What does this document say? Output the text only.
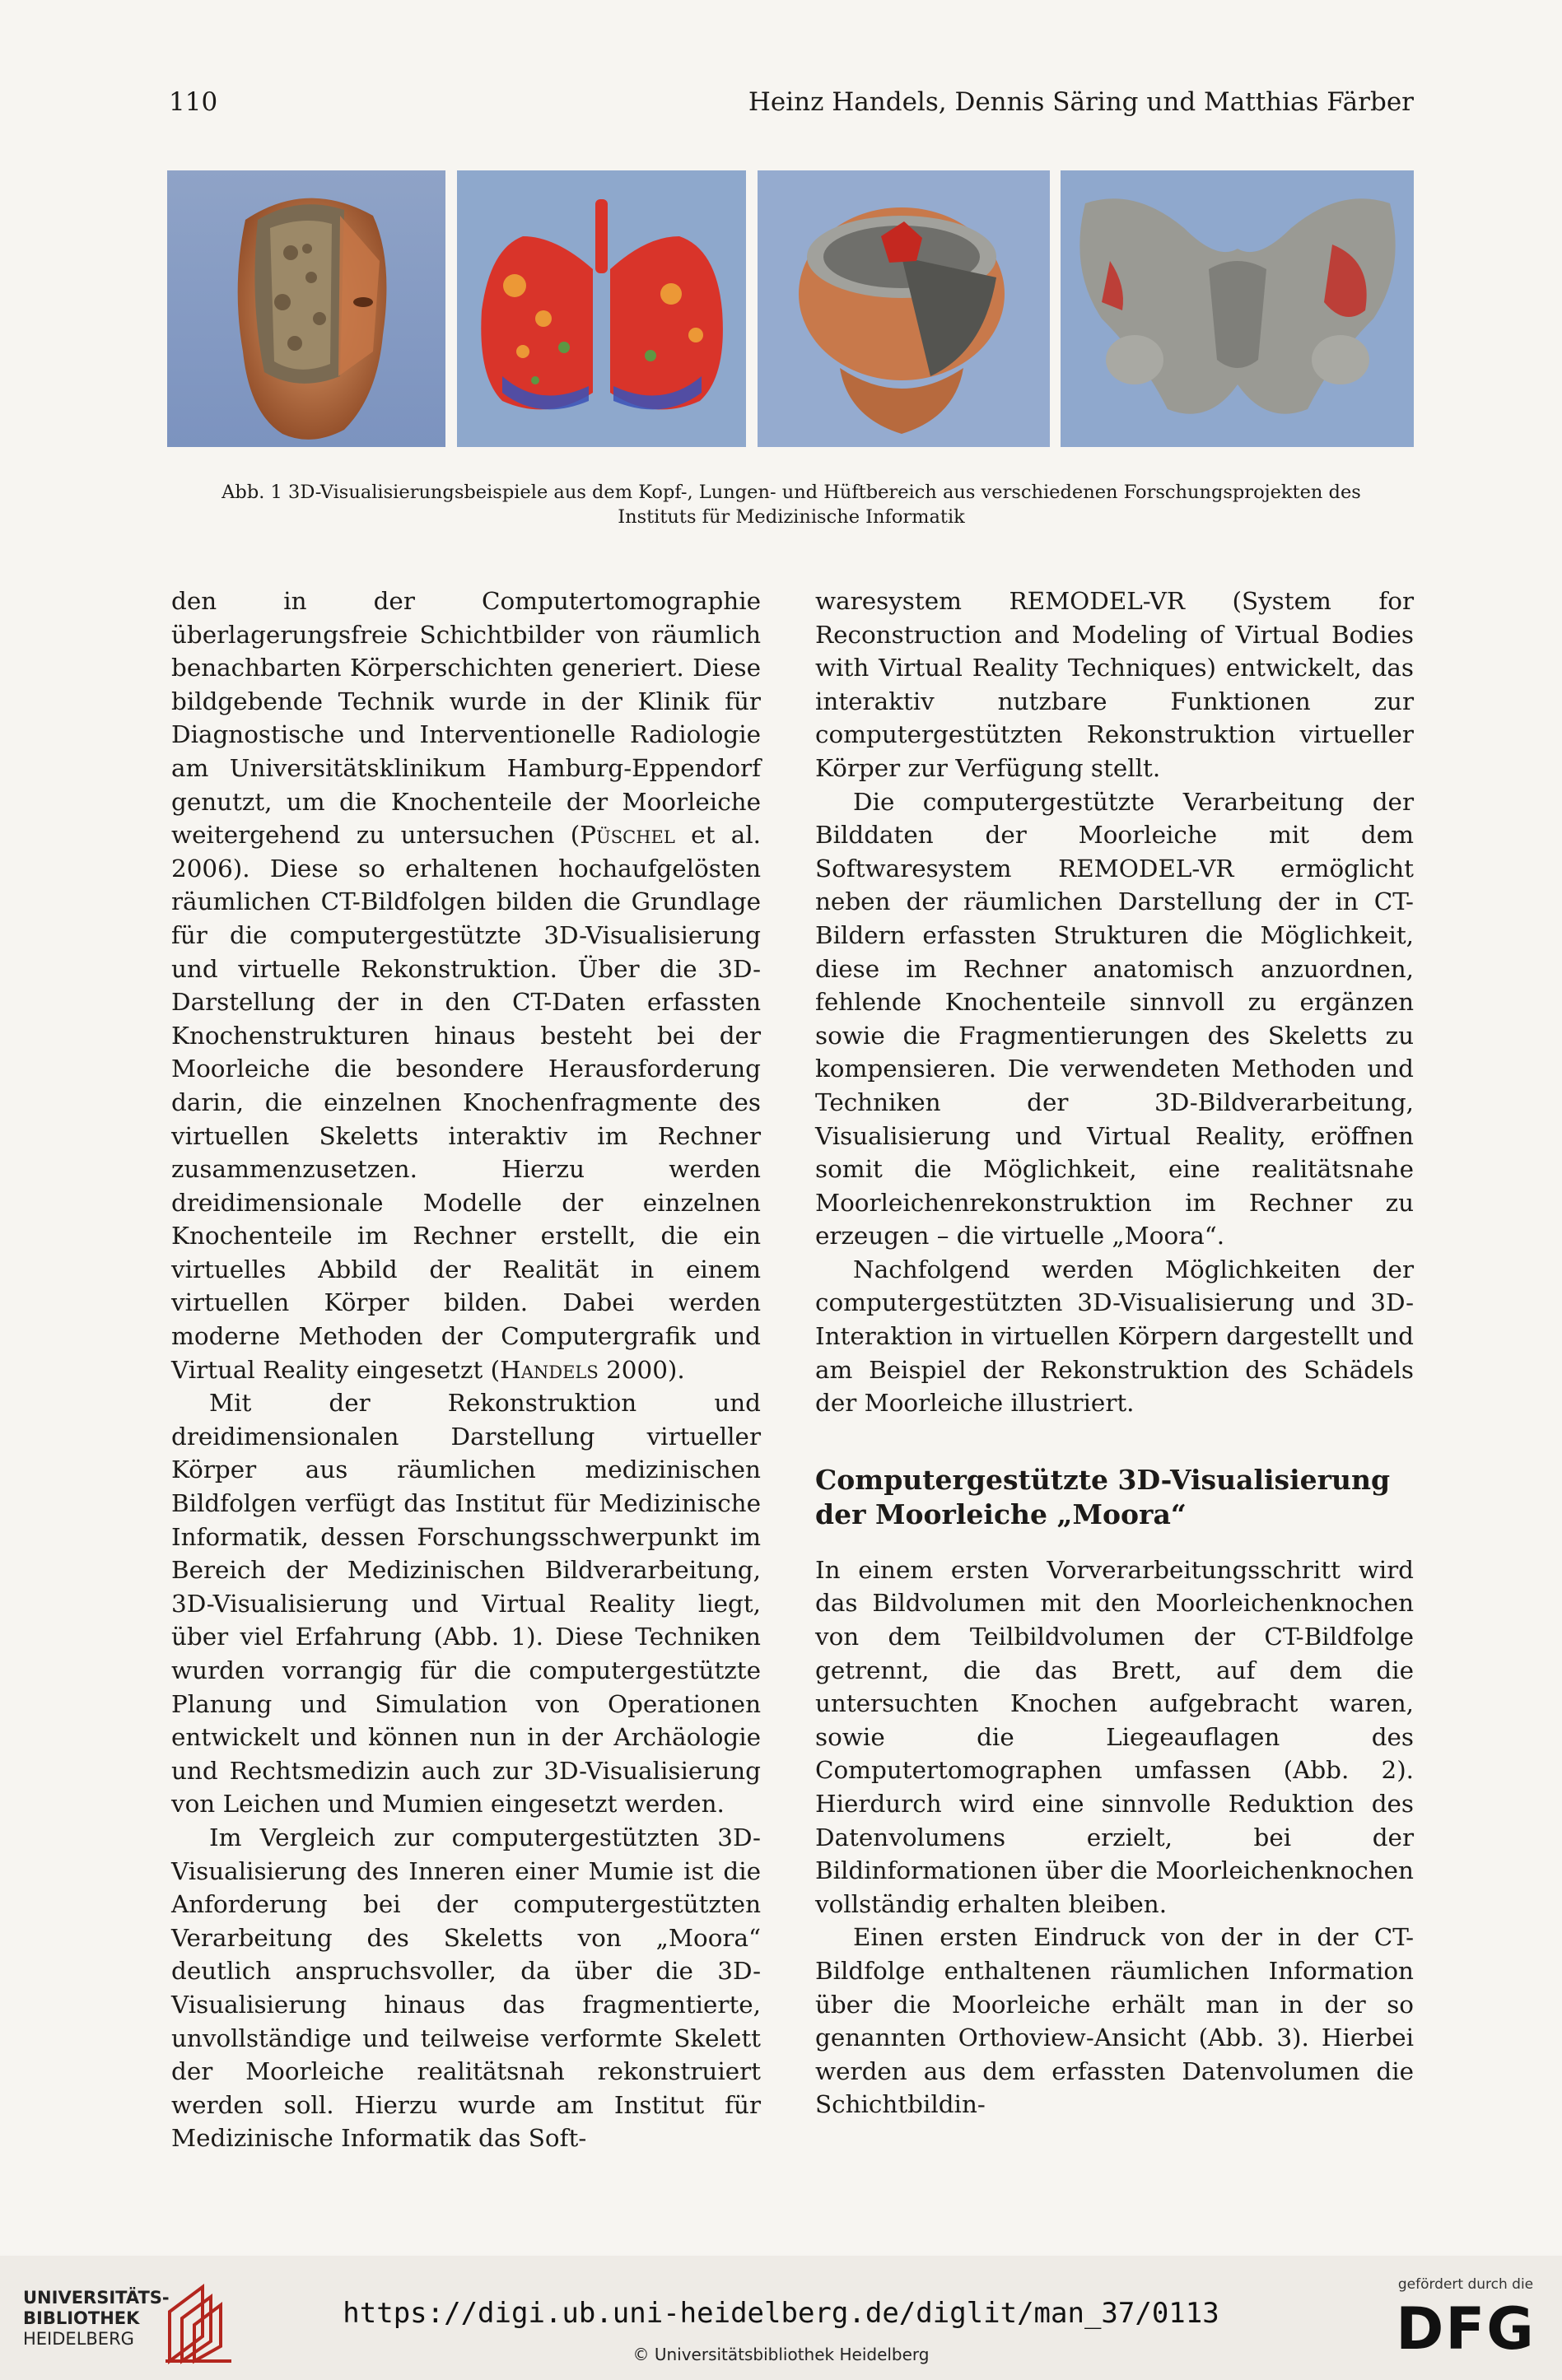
110	Heinz Handels, Dennis Säring und Matthias Färber

Abb. 1 3D-Visualisierungsbeispiele aus dem Kopf-, Lungen- und Hüftbereich aus verschiedenen Forschungsprojekten des

Instituts für Medizinische Informatik

den in der Computertomographie überlagerungsfreie Schichtbilder von räumlich benachbarten Körperschichten generiert. Diese bildgebende Technik wurde in der Klinik für Diagnostische und Interventionelle Radiologie am Universitätsklinikum Hamburg-Eppendorf genutzt, um die Knochenteile der Moorleiche weitergehend zu untersuchen (Püschel et al. 2006). Diese so erhaltenen hochaufgelösten räumlichen CT-Bildfolgen bilden die Grundlage für die computergestützte 3D-Visualisierung und virtuelle Rekonstruktion. Über die 3D-Darstellung der in den CT-Daten erfassten Knochenstrukturen hinaus besteht bei der Moorleiche die besondere Herausforderung darin, die einzelnen Knochenfragmente des virtuellen Skeletts interaktiv im Rechner zusammenzusetzen. Hierzu werden dreidimensionale Modelle der einzelnen Knochenteile im Rechner erstellt, die ein virtuelles Abbild der Realität in einem virtuellen Körper bilden. Dabei werden moderne Methoden der Computergrafik und Virtual Reality eingesetzt (Handels 2000).

Mit der Rekonstruktion und dreidimensionalen Darstellung virtueller Körper aus räumlichen medizinischen Bildfolgen verfügt das Institut für Medizinische Informatik, dessen Forschungsschwerpunkt im Bereich der Medizinischen Bildverarbeitung, 3D-Visualisierung und Virtual Reality liegt, über viel Erfahrung (Abb. 1). Diese Techniken wurden vorrangig für die computergestützte Planung und Simulation von Operationen entwickelt und können nun in der Archäologie und Rechtsmedizin auch zur 3D-Visualisierung von Leichen und Mumien eingesetzt werden.

Im Vergleich zur computergestützten 3D-Visualisierung des Inneren einer Mumie ist die Anforderung bei der computergestützten Verarbeitung des Skeletts von „Moora“ deutlich anspruchsvoller, da über die 3D-Visualisierung hinaus das fragmentierte, unvollständige und teilweise verformte Skelett der Moorleiche realitätsnah rekonstruiert werden soll. Hierzu wurde am Institut für Medizinische Informatik das Soft-

waresystem REMODEL-VR (System for Reconstruction and Modeling of Virtual Bodies with Virtual Reality Techniques) entwickelt, das interaktiv nutzbare Funktionen zur computergestützten Rekonstruktion virtueller Körper zur Verfügung stellt.

Die computergestützte Verarbeitung der Bilddaten der Moorleiche mit dem Softwaresystem REMODEL-VR ermöglicht neben der räumlichen Darstellung der in CT-Bildern erfassten Strukturen die Möglichkeit, diese im Rechner anatomisch anzuordnen, fehlende Knochenteile sinnvoll zu ergänzen sowie die Fragmentierungen des Skeletts zu kompensieren. Die verwendeten Methoden und Techniken der 3D-Bildverarbeitung, Visualisierung und Virtual Reality, eröffnen somit die Möglichkeit, eine realitätsnahe Moorleichenrekonstruktion im Rechner zu erzeugen – die virtuelle „Moora“.

Nachfolgend werden Möglichkeiten der computergestützten 3D-Visualisierung und 3D-Interaktion in virtuellen Körpern dargestellt und am Beispiel der Rekonstruktion des Schädels der Moorleiche illustriert.

Computergestützte 3D-Visualisierung der Moorleiche „Moora“

In einem ersten Vorverarbeitungsschritt wird das Bildvolumen mit den Moorleichenknochen von dem Teilbildvolumen der CT-Bildfolge getrennt, die das Brett, auf dem die untersuchten Knochen aufgebracht waren, sowie die Liegeauflagen des Computertomographen umfassen (Abb. 2). Hierdurch wird eine sinnvolle Reduktion des Datenvolumens erzielt, bei der Bildinformationen über die Moorleichenknochen vollständig erhalten bleiben.

Einen ersten Eindruck von der in der CT-Bildfolge enthaltenen räumlichen Information über die Moorleiche erhält man in der so genannten Orthoview-Ansicht (Abb. 3). Hierbei werden aus dem erfassten Datenvolumen die Schichtbildin-

UNIVERSITÄTS-
BIBLIOTHEK
HEIDELBERG
https://digi.ub.uni-heidelberg.de/diglit/man_37/0113
© Universitätsbibliothek Heidelberg
gefördert durch die
DFG
